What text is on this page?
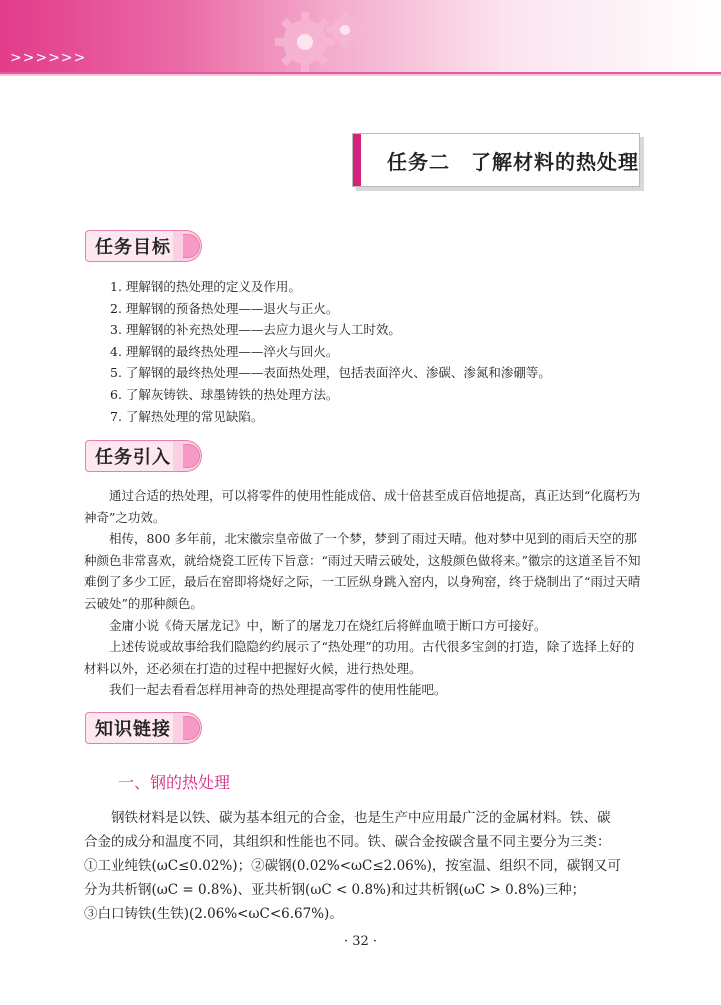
>>>>>>
任务二　了解材料的热处理
任务目标
1. 理解钢的热处理的定义及作用。
2. 理解钢的预备热处理——退火与正火。
3. 理解钢的补充热处理——去应力退火与人工时效。
4. 理解钢的最终热处理——淬火与回火。
5. 了解钢的最终热处理——表面热处理，包括表面淬火、渗碳、渗氮和渗硼等。
6. 了解灰铸铁、球墨铸铁的热处理方法。
7. 了解热处理的常见缺陷。
任务引入

通过合适的热处理，可以将零件的使用性能成倍、成十倍甚至成百倍地提高，真正达到“化腐朽为神奇”之功效。

相传，800 多年前，北宋徽宗皇帝做了一个梦，梦到了雨过天晴。他对梦中见到的雨后天空的那种颜色非常喜欢，就给烧瓷工匠传下旨意：“雨过天晴云破处，这般颜色做将来。”徽宗的这道圣旨不知难倒了多少工匠，最后在窑即将烧好之际，一工匠纵身跳入窑内，以身殉窑，终于烧制出了“雨过天晴云破处”的那种颜色。

金庸小说《倚天屠龙记》中，断了的屠龙刀在烧红后将鲜血喷于断口方可接好。

上述传说或故事给我们隐隐约约展示了“热处理”的功用。古代很多宝剑的打造，除了选择上好的材料以外，还必须在打造的过程中把握好火候，进行热处理。

我们一起去看看怎样用神奇的热处理提高零件的使用性能吧。

知识链接
一、钢的热处理
钢铁材料是以铁、碳为基本组元的合金，也是生产中应用最广泛的金属材料。铁、碳
合金的成分和温度不同，其组织和性能也不同。铁、碳合金按碳含量不同主要分为三类：
①工业纯铁(ωC≤0.02%)；②碳钢(0.02%<ωC≤2.06%)，按室温、组织不同，碳钢又可
分为共析钢(ωC = 0.8%)、亚共析钢(ωC < 0.8%)和过共析钢(ωC > 0.8%)三种；
③白口铸铁(生铁)(2.06%<ωC<6.67%)。
· 32 ·
